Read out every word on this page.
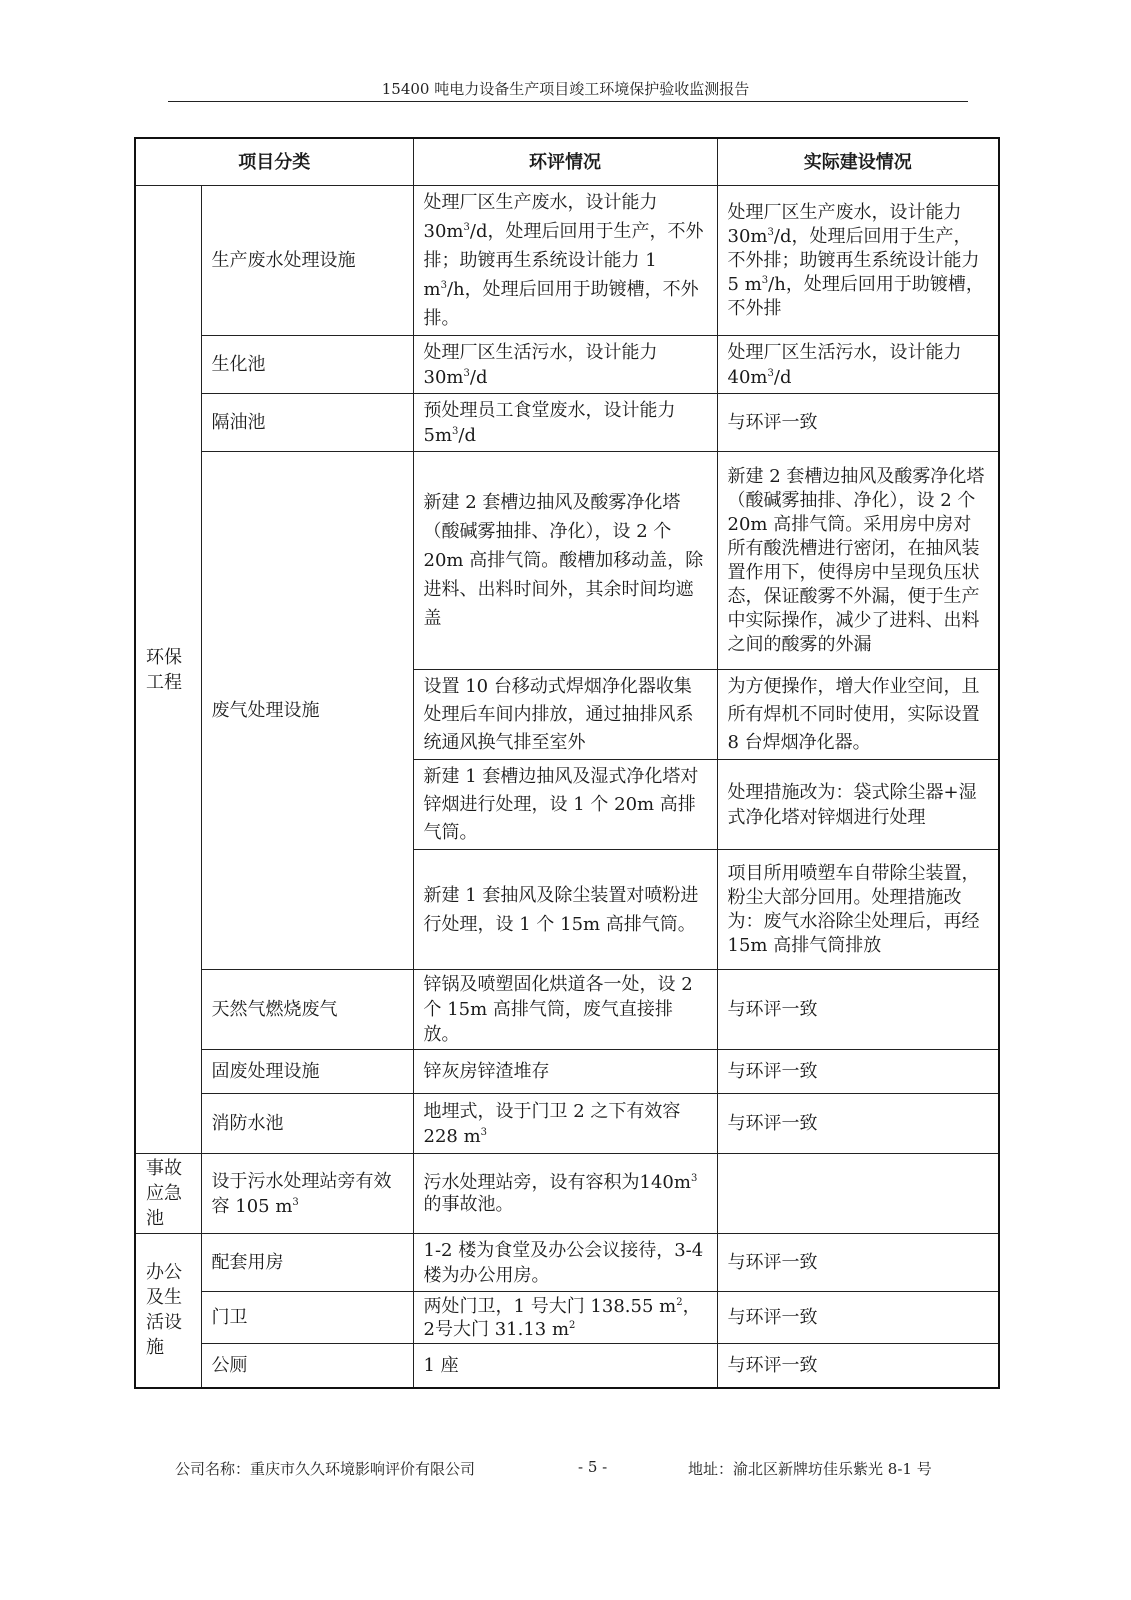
15400 吨电力设备生产项目竣工环境保护验收监测报告
项目分类		环评情况	实际建设情况
环保工程	生产废水处理设施	处理厂区生产废水，设计能力$30m^3/d$，处理后回用于生产，不外排；助镀再生系统设计能力 1 $m^3/h$，处理后回用于助镀槽，不外排。	处理厂区生产废水，设计能力 $30m^3/d$，处理后回用于生产，不外排；助镀再生系统设计能力 5 $m^3/h$，处理后回用于助镀槽，不外排
	生化池	处理厂区生活污水，设计能力$30m^3/d$	处理厂区生活污水，设计能力 $40m^3/d$
	隔油池	预处理员工食堂废水，设计能力$5m^3/d$	与环评一致
	废气处理设施	新建 2 套槽边抽风及酸雾净化塔（酸碱雾抽排、净化），设 2 个 20m 高排气筒。酸槽加移动盖，除进料、出料时间外，其余时间均遮盖	新建 2 套槽边抽风及酸雾净化塔（酸碱雾抽排、净化），设 2 个 20m 高排气筒。采用房中房对所有酸洗槽进行密闭，在抽风装置作用下，使得房中呈现负压状态，保证酸雾不外漏，便于生产中实际操作，减少了进料、出料之间的酸雾的外漏
		设置 10 台移动式焊烟净化器收集处理后车间内排放，通过抽排风系统通风换气排至室外	为方便操作，增大作业空间，且所有焊机不同时使用，实际设置 8 台焊烟净化器。
		新建 1 套槽边抽风及湿式净化塔对锌烟进行处理，设 1 个 20m 高排气筒。	处理措施改为：袋式除尘器+湿式净化塔对锌烟进行处理
		新建 1 套抽风及除尘装置对喷粉进行处理，设 1 个 15m 高排气筒。	项目所用喷塑车自带除尘装置，粉尘大部分回用。处理措施改为：废气水浴除尘处理后，再经 15m 高排气筒排放
	天然气燃烧废气	锌锅及喷塑固化烘道各一处，设 2 个 15m 高排气筒，废气直接排放。	与环评一致
	固废处理设施	锌灰房锌渣堆存	与环评一致
	消防水池	地埋式，设于门卫 2 之下有效容228 $m^3$	与环评一致
事故应急池	设于污水处理站旁有效容 105 $m^3$	污水处理站旁，设有容积为$140m^3$ 的事故池。	
办公及生活设施	配套用房	1-2 楼为食堂及办公会议接待，3-4楼为办公用房。	与环评一致
	门卫	两处门卫，1 号大门 138.55 $m^2$，2号大门 31.13 $m^2$	与环评一致
	公厕	1 座	与环评一致
公司名称：重庆市久久环境影响评价有限公司	- 5 -	地址：渝北区新牌坊佳乐紫光 8-1 号
